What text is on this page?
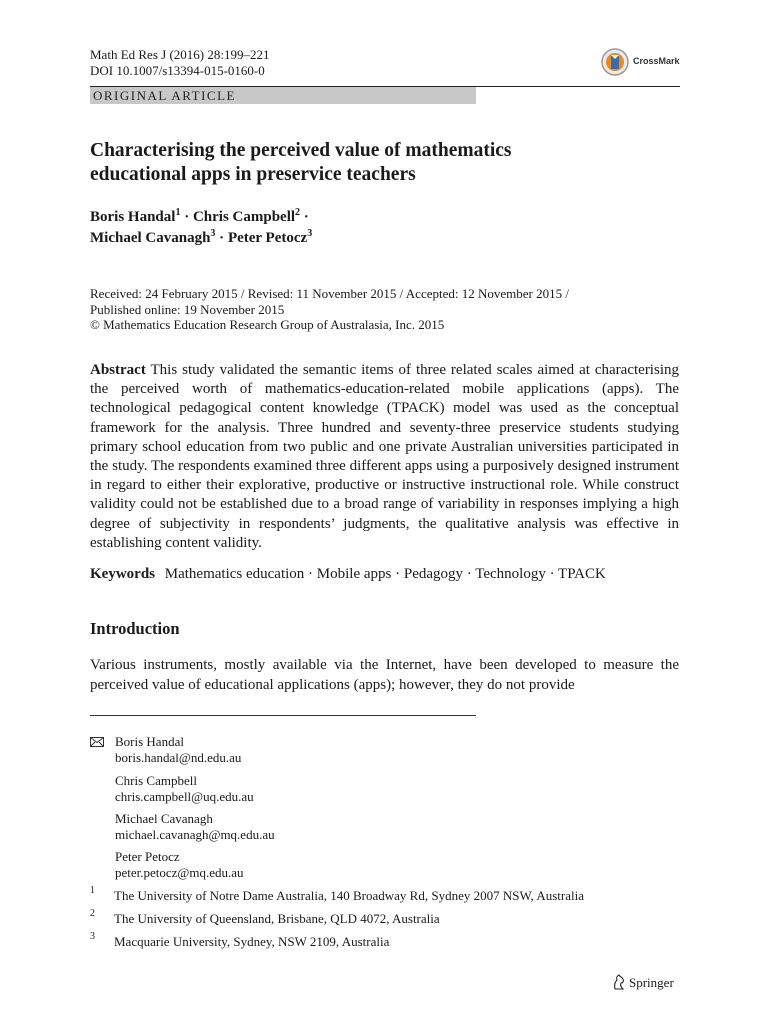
Math Ed Res J (2016) 28:199–221
DOI 10.1007/s13394-015-0160-0
CrossMark
ORIGINAL ARTICLE
Characterising the perceived value of mathematics
educational apps in preservice teachers
Boris Handal$^1$ · Chris Campbell$^2$ ·
Michael Cavanagh$^3$ · Peter Petocz$^3$
Received: 24 February 2015 / Revised: 11 November 2015 / Accepted: 12 November 2015 /
Published online: 19 November 2015
© Mathematics Education Research Group of Australasia, Inc. 2015
Abstract This study validated the semantic items of three related scales aimed at characterising the perceived worth of mathematics-education-related mobile applications (apps). The technological pedagogical content knowledge (TPACK) model was used as the conceptual framework for the analysis. Three hundred and seventy-three preservice students studying primary school education from two public and one private Australian universities participated in the study. The respondents examined three different apps using a purposively designed instrument in regard to either their explorative, productive or instructive instructional role. While construct validity could not be established due to a broad range of variability in responses implying a high degree of subjectivity in respondents’ judgments, the qualitative analysis was effective in establishing content validity.
Keywords Mathematics education · Mobile apps · Pedagogy · Technology · TPACK
Introduction
Various instruments, mostly available via the Internet, have been developed to measure the perceived value of educational applications (apps); however, they do not provide
Boris Handal
boris.handal@nd.edu.au
Chris Campbell
chris.campbell@uq.edu.au
Michael Cavanagh
michael.cavanagh@mq.edu.au
Peter Petocz
peter.petocz@mq.edu.au
1 The University of Notre Dame Australia, 140 Broadway Rd, Sydney 2007 NSW, Australia
2 The University of Queensland, Brisbane, QLD 4072, Australia
3 Macquarie University, Sydney, NSW 2109, Australia
Springer
